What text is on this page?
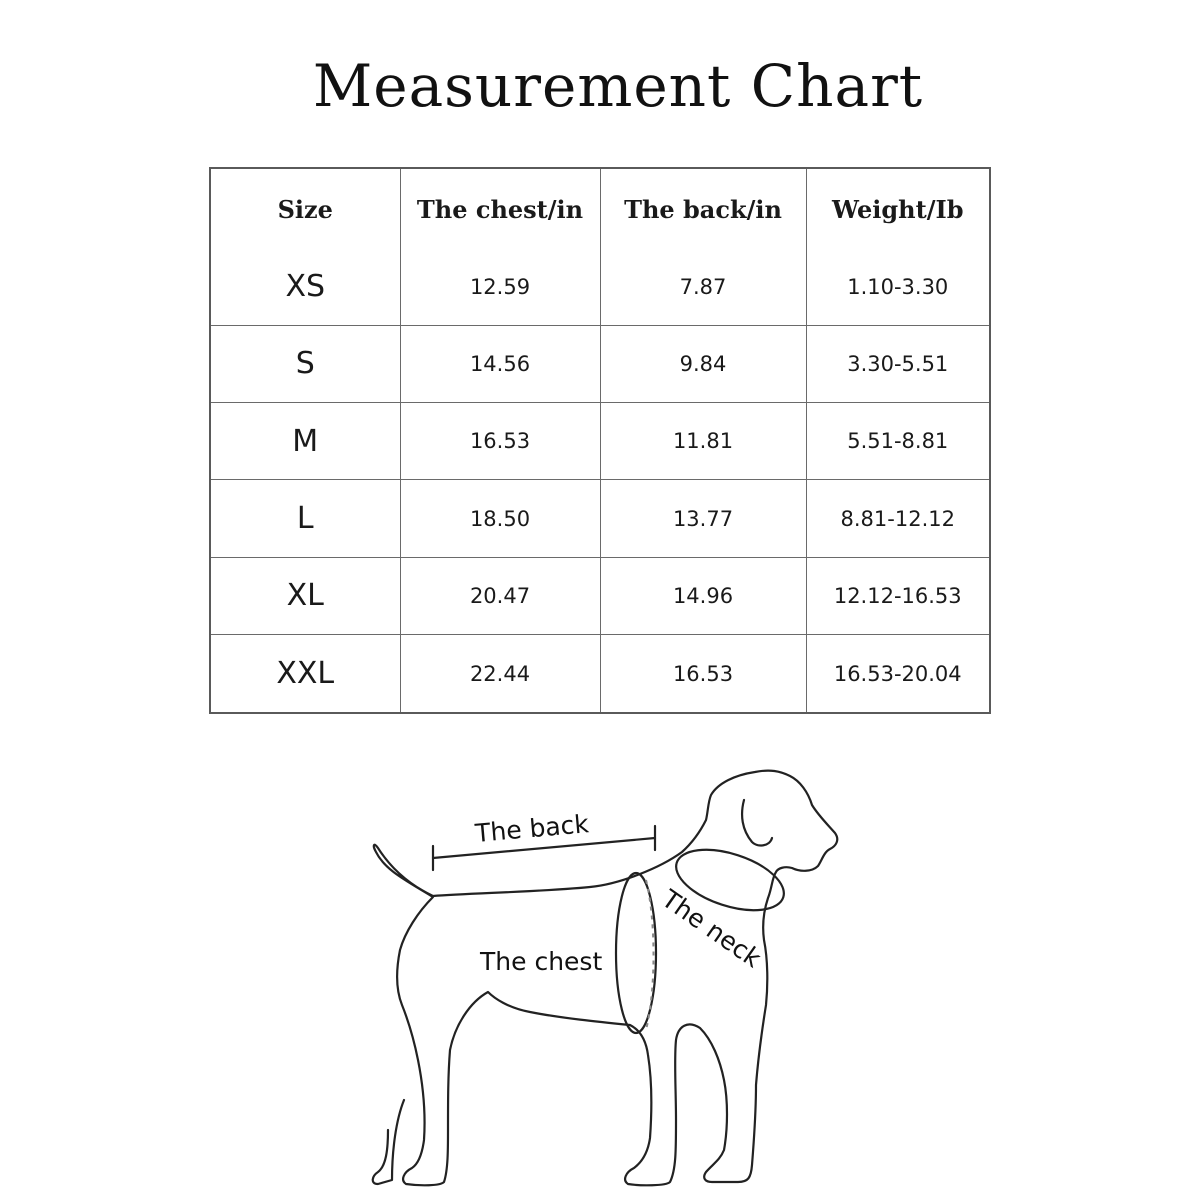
Measurement Chart
Size	The chest/in	The back/in	Weight/Ib
XS	12.59	7.87	1.10-3.30
S	14.56	9.84	3.30-5.51
M	16.53	11.81	5.51-8.81
L	18.50	13.77	8.81-12.12
XL	20.47	14.96	12.12-16.53
XXL	22.44	16.53	16.53-20.04
The back
The chest The neck
